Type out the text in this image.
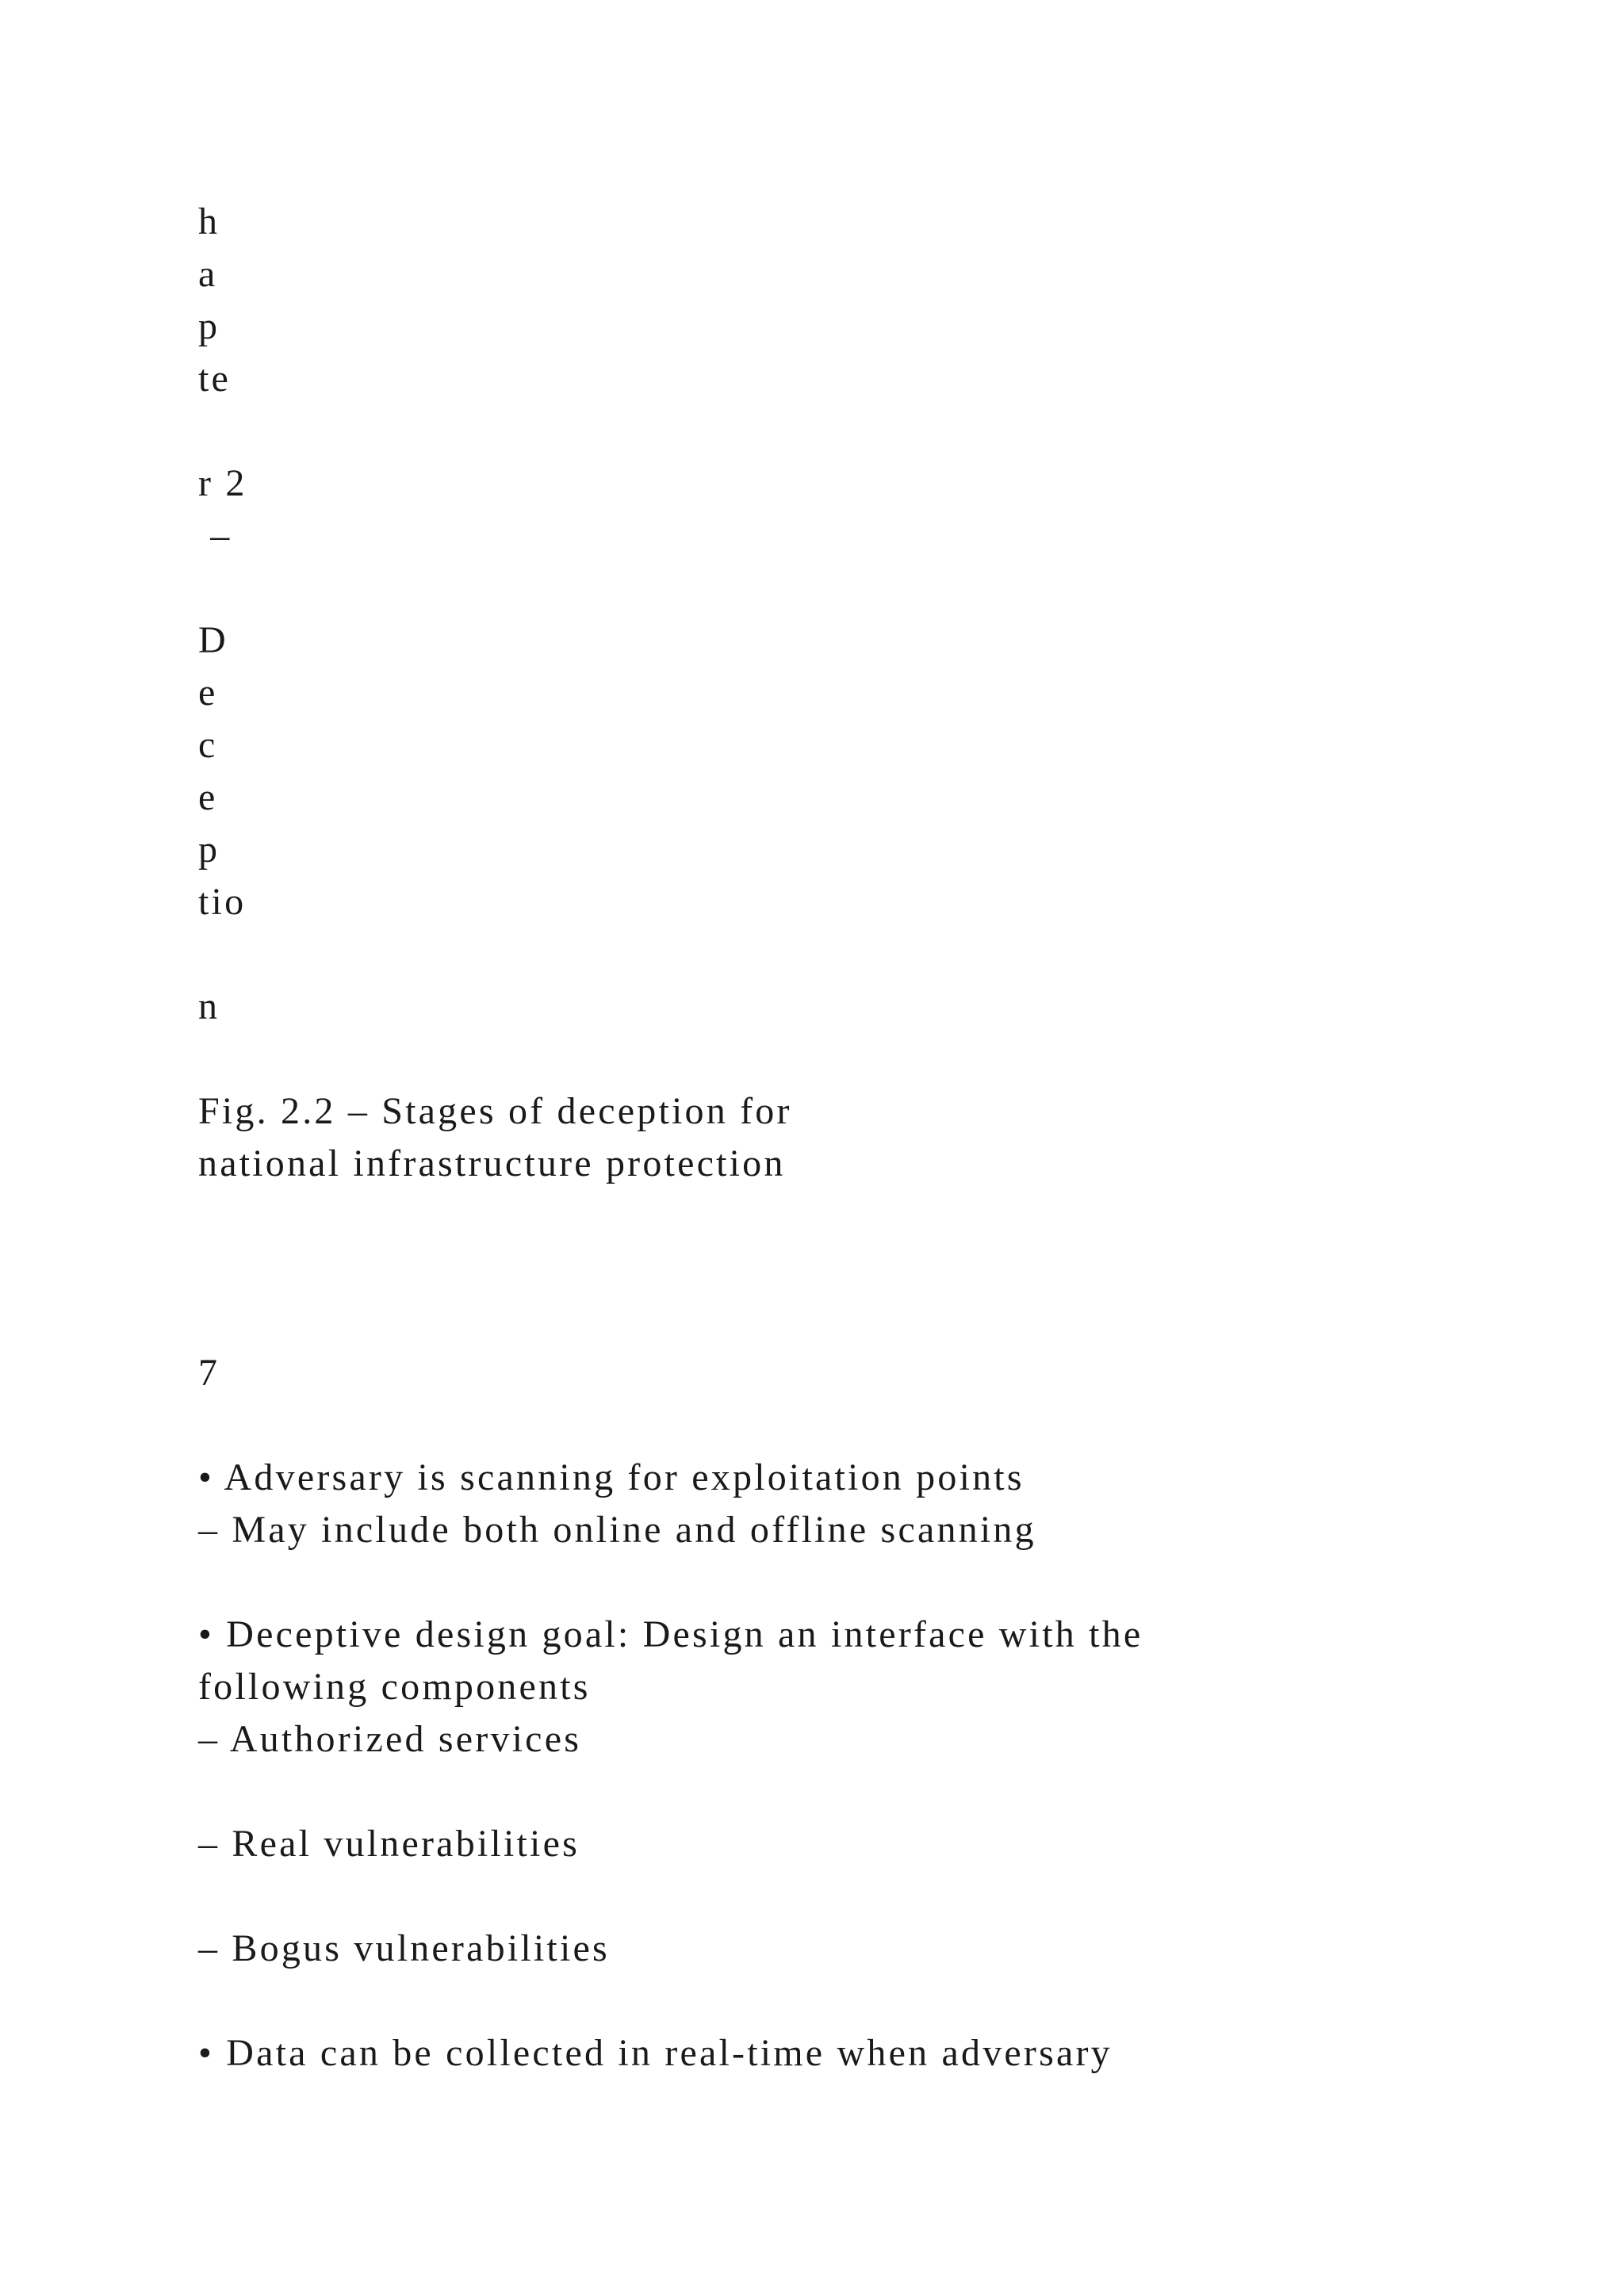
h

a

p

te

r 2

–

D

e

c

e

p

tio

n

Fig. 2.2 – Stages of deception for

national infrastructure protection

7

• Adversary is scanning for exploitation points

– May include both online and offline scanning

• Deceptive design goal: Design an interface with the

following components

– Authorized services

– Real vulnerabilities

– Bogus vulnerabilities

• Data can be collected in real-time when adversary
